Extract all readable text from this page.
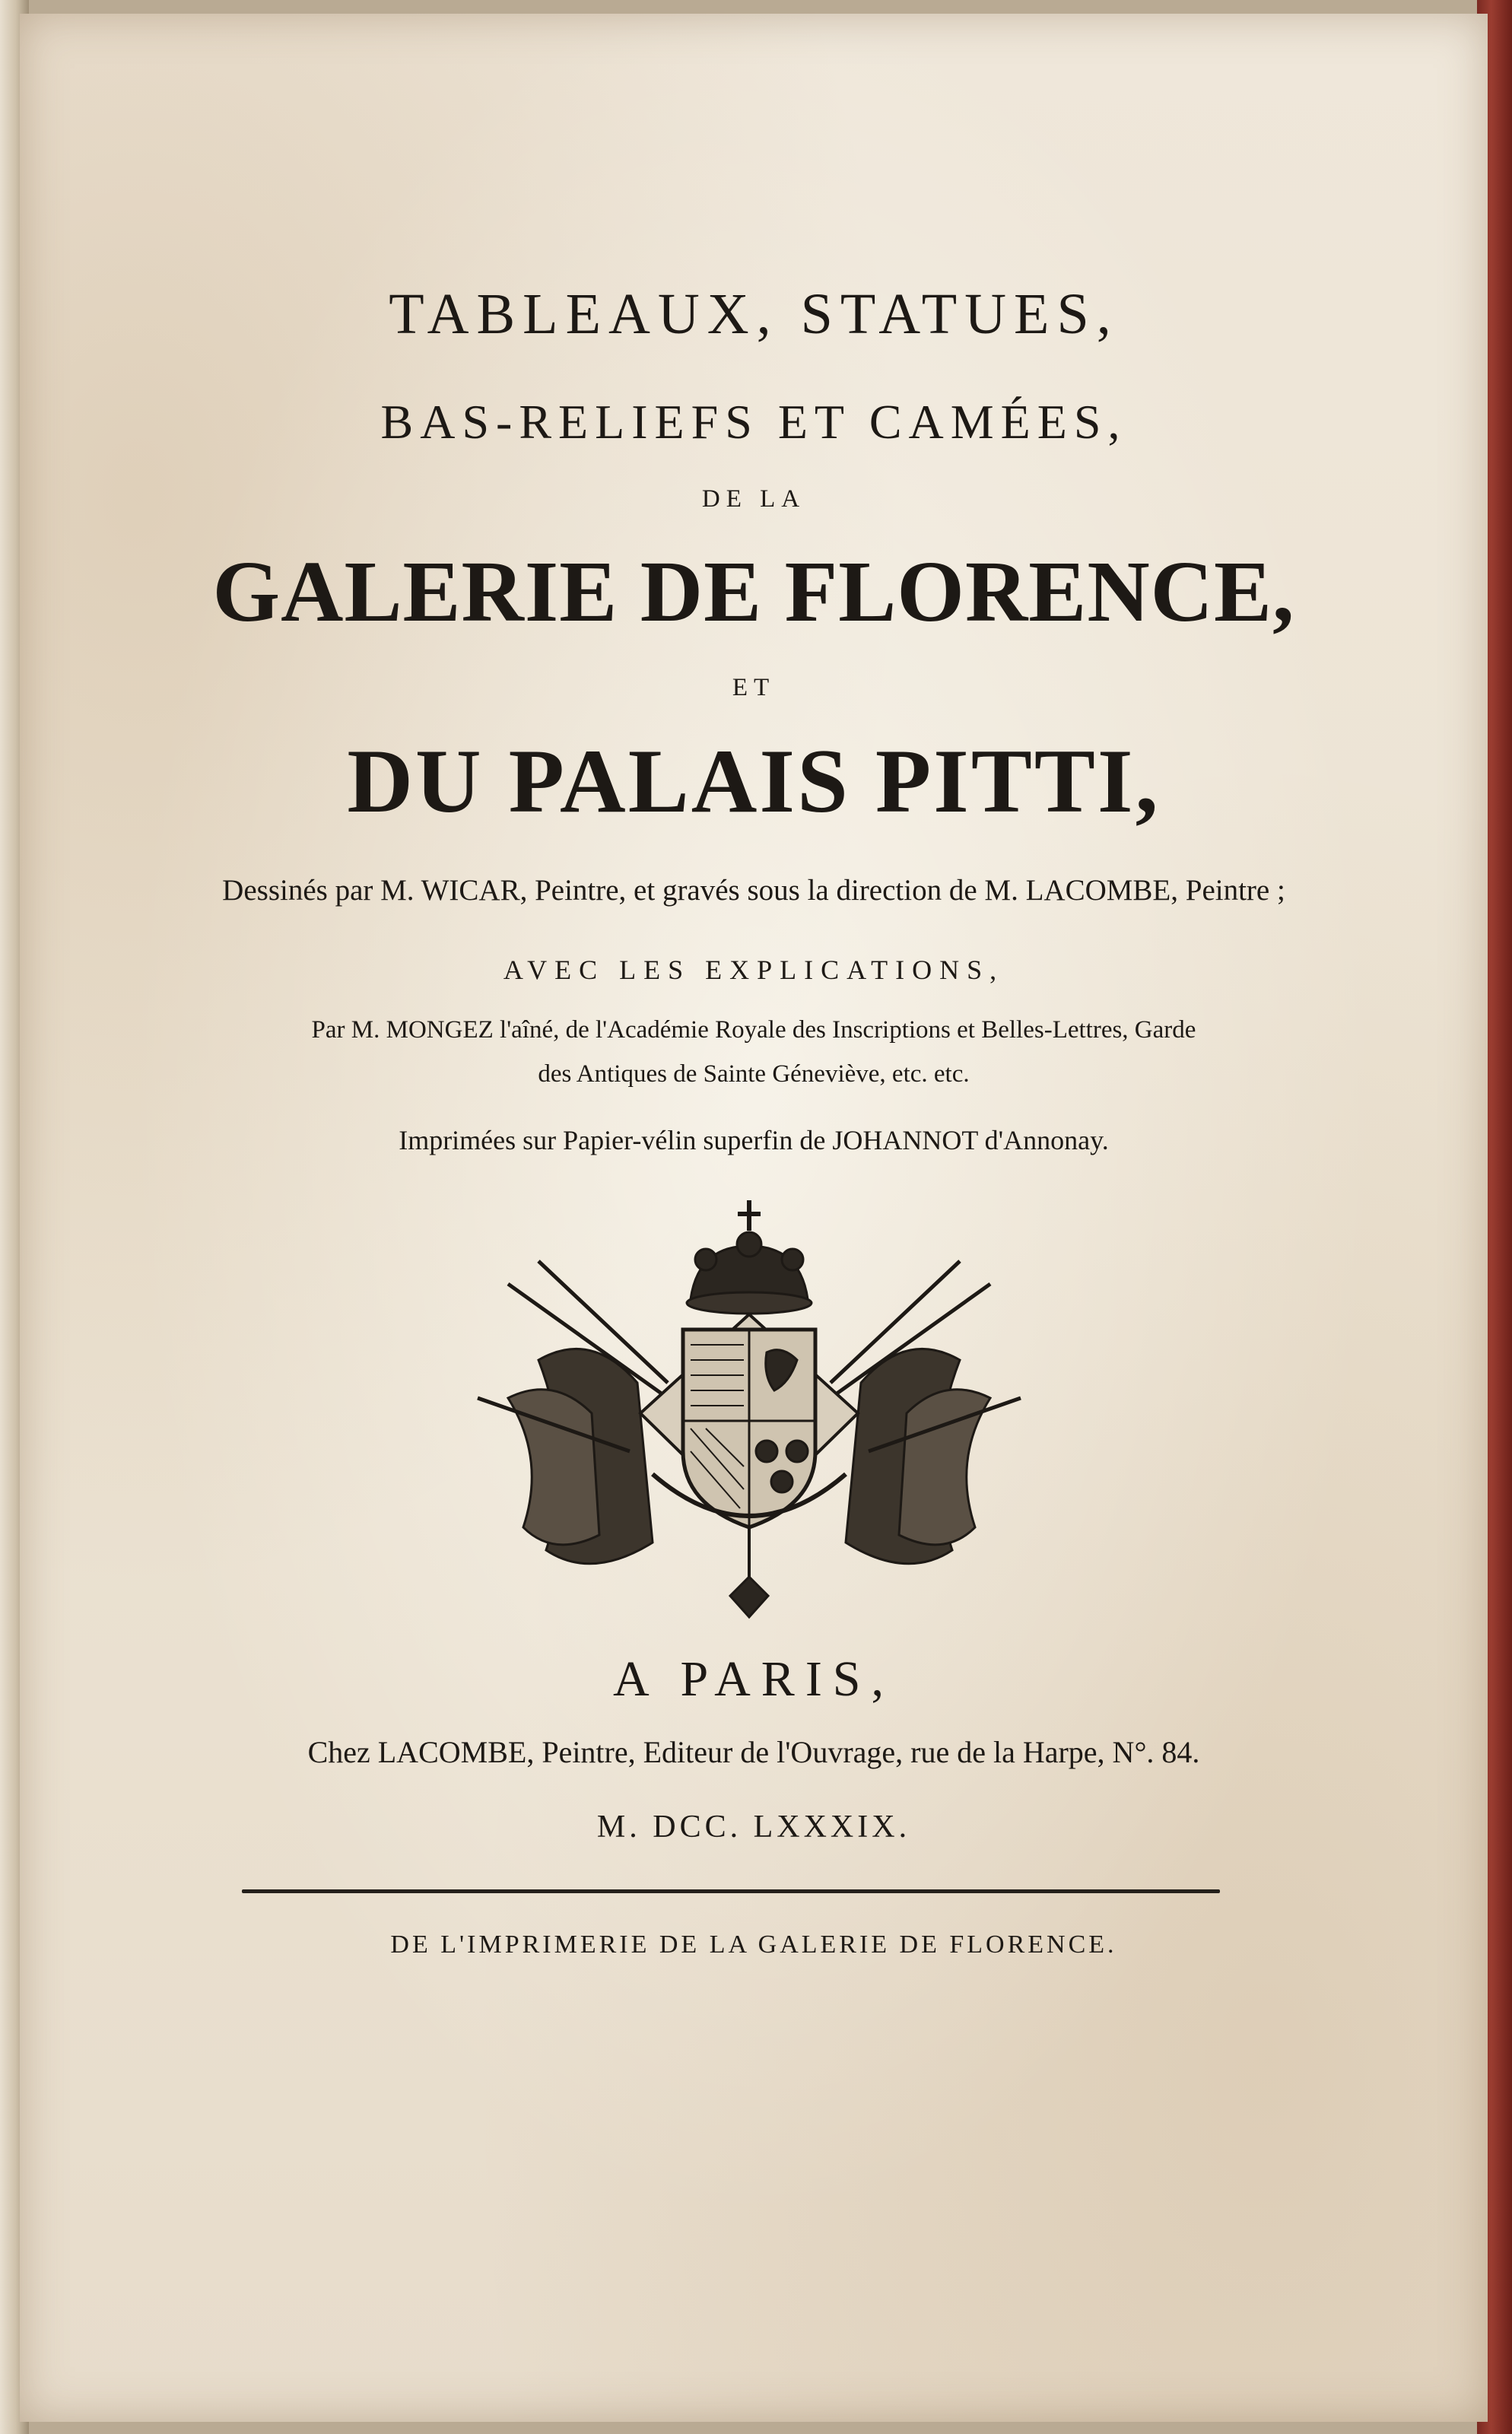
TABLEAUX, STATUES,
BAS-RELIEFS ET CAMÉES,
DE LA
GALERIE DE FLORENCE,
ET
DU PALAIS PITTI,
Dessinés par M. WICAR, Peintre, et gravés sous la direction de M. LACOMBE, Peintre ;
AVEC LES EXPLICATIONS,
Par M. MONGEZ l'aîné, de l'Académie Royale des Inscriptions et Belles-Lettres, Garde
des Antiques de Sainte Géneviève, etc. etc.
Imprimées sur Papier-vélin superfin de JOHANNOT d'Annonay.
A PARIS,
Chez LACOMBE, Peintre, Editeur de l'Ouvrage, rue de la Harpe, N°. 84.
M. DCC. LXXXIX.
DE L'IMPRIMERIE DE LA GALERIE DE FLORENCE.
